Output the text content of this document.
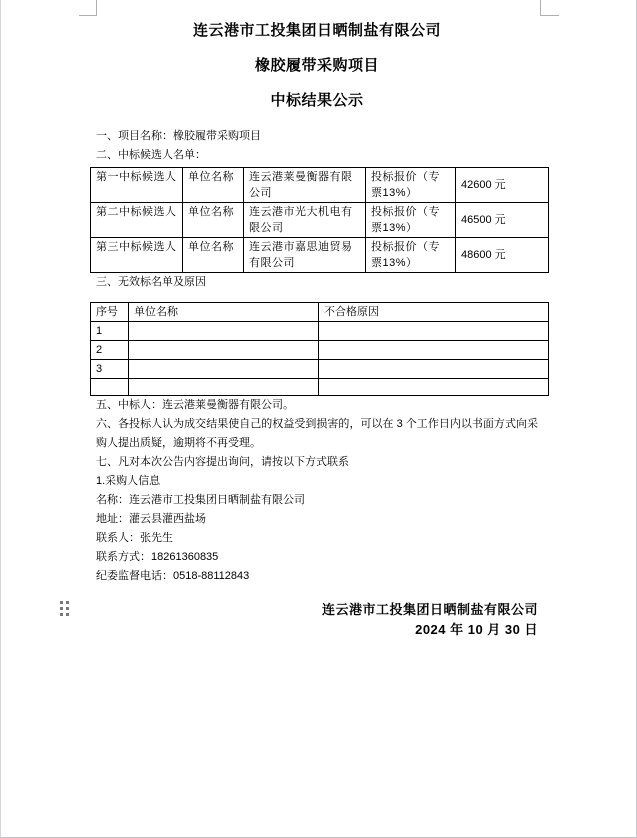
连云港市工投集团日晒制盐有限公司
橡胶履带采购项目
中标结果公示

一、项目名称：橡胶履带采购项目

二、中标候选人名单：

第一中标候选人	单位名称	连云港莱曼衡器有限公司	投标报价（专票13%）	42600 元
第二中标候选人	单位名称	连云港市光大机电有限公司	投标报价（专票13%）	46500 元
第三中标候选人	单位名称	连云港市嘉思迪贸易有限公司	投标报价（专票13%）	48600 元

三、无效标名单及原因

序号	单位名称	不合格原因
1		
2		
3		

五、中标人：连云港莱曼衡器有限公司。

六、各投标人认为成交结果使自己的权益受到损害的，可以在 3 个工作日内以书面方式向采购人提出质疑，逾期将不再受理。

七、凡对本次公告内容提出询问，请按以下方式联系

1.采购人信息

名称：连云港市工投集团日晒制盐有限公司

地址：灌云县灌西盐场

联系人：张先生

联系方式：18261360835

纪委监督电话：0518-88112843

连云港市工投集团日晒制盐有限公司

2024 年 10 月 30 日
